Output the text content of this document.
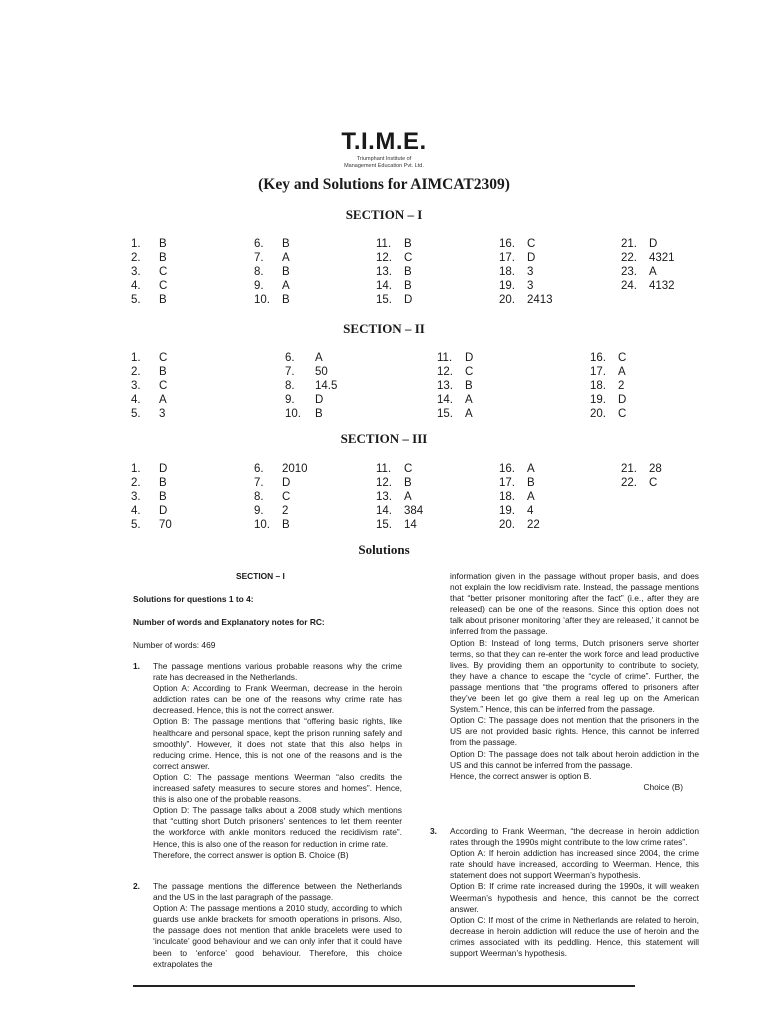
T.I.M.E.
Triumphant Institute of
Management Education Pvt. Ltd.
(Key and Solutions for AIMCAT2309)
SECTION – I
SECTION – II
SECTION – III
1. B
2. B
3. C
4. C
5. B
6. B
7. A
8. B
9. A
10. B
11. B
12. C
13. B
14. B
15. D
16. C
17. D
18. 3
19. 3
20. 2413
21. D
22. 4321
23. A
24. 4132
1. C
2. B
3. C
4. A
5. 3
6. A
7. 50
8. 14.5
9. D
10. B
11. D
12. C
13. B
14. A
15. A
16. C
17. A
18. 2
19. D
20. C
1. D
2. B
3. B
4. D
5. 70
6. 2010
7. D
8. C
9. 2
10. B
11. C
12. B
13. A
14. 384
15. 14
16. A
17. B
18. A
19. 4
20. 22
21. 28
22. C
Solutions
SECTION – I
Solutions for questions 1 to 4:
Number of words and Explanatory notes for RC:
Number of words: 469
1. The passage mentions various probable reasons why the crime rate has decreased in the Netherlands.
Option A: According to Frank Weerman, decrease in the heroin addiction rates can be one of the reasons why crime rate has decreased. Hence, this is not the correct answer.
Option B: The passage mentions that “offering basic rights, like healthcare and personal space, kept the prison running safely and smoothly”. However, it does not state that this also helps in reducing crime. Hence, this is not one of the reasons and is the correct answer.
Option C: The passage mentions Weerman “also credits the increased safety measures to secure stores and homes”. Hence, this is also one of the probable reasons.
Option D: The passage talks about a 2008 study which mentions that “cutting short Dutch prisoners’ sentences to let them reenter the workforce with ankle monitors reduced the recidivism rate”. Hence, this is also one of the reason for reduction in crime rate.
Therefore, the correct answer is option B. Choice (B)
2. The passage mentions the difference between the Netherlands and the US in the last paragraph of the passage.
Option A: The passage mentions a 2010 study, according to which guards use ankle brackets for smooth operations in prisons. Also, the passage does not mention that ankle bracelets were used to ‘inculcate’ good behaviour and we can only infer that it could have been to ‘enforce’ good behaviour. Therefore, this choice extrapolates the
information given in the passage without proper basis, and does not explain the low recidivism rate. Instead, the passage mentions that “better prisoner monitoring after the fact” (i.e., after they are released) can be one of the reasons. Since this option does not talk about prisoner monitoring ‘after they are released,’ it cannot be inferred from the passage.
Option B: Instead of long terms, Dutch prisoners serve shorter terms, so that they can re-enter the work force and lead productive lives. By providing them an opportunity to contribute to society, they have a chance to escape the “cycle of crime”. Further, the passage mentions that “the programs offered to prisoners after they’ve been let go give them a real leg up on the American System.” Hence, this can be inferred from the passage.
Option C: The passage does not mention that the prisoners in the US are not provided basic rights. Hence, this cannot be inferred from the passage.
Option D: The passage does not talk about heroin addiction in the US and this cannot be inferred from the passage.
Hence, the correct answer is option B.
Choice (B)
3. According to Frank Weerman, “the decrease in heroin addiction rates through the 1990s might contribute to the low crime rates”.
Option A: If heroin addiction has increased since 2004, the crime rate should have increased, according to Weerman. Hence, this statement does not support Weerman’s hypothesis.
Option B: If crime rate increased during the 1990s, it will weaken Weerman’s hypothesis and hence, this cannot be the correct answer.
Option C: If most of the crime in Netherlands are related to heroin, decrease in heroin addiction will reduce the use of heroin and the crimes associated with its peddling. Hence, this statement will support Weerman’s hypothesis.
